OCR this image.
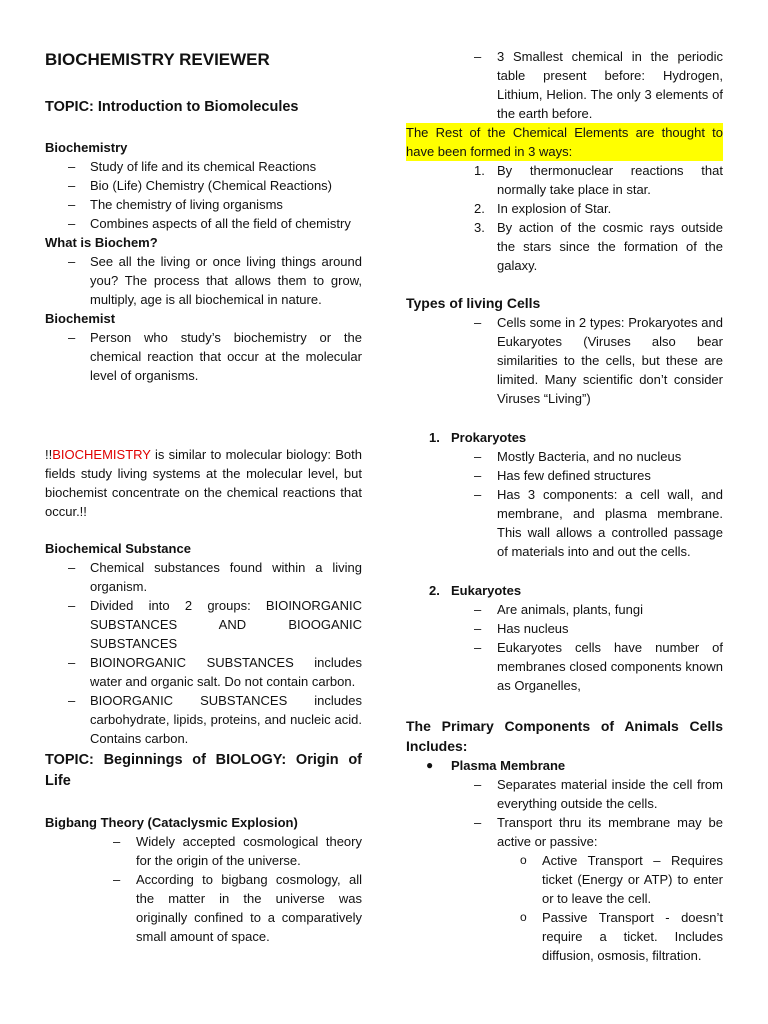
BIOCHEMISTRY REVIEWER
TOPIC: Introduction to Biomolecules
Biochemistry
– Study of life and its chemical Reactions
– Bio (Life) Chemistry (Chemical Reactions)
– The chemistry of living organisms
– Combines aspects of all the field of chemistry
What is Biochem?
– See all the living or once living things around you? The process that allows them to grow, multiply, age is all biochemical in nature.
Biochemist
– Person who study’s biochemistry or the chemical reaction that occur at the molecular level of organisms.
!!BIOCHEMISTRY is similar to molecular biology: Both fields study living systems at the molecular level, but biochemist concentrate on the chemical reactions that occur.!!
Biochemical Substance
– Chemical substances found within a living organism.
– Divided into 2 groups: BIOINORGANIC SUBSTANCES AND BIOOGANIC SUBSTANCES
– BIOINORGANIC SUBSTANCES includes water and organic salt. Do not contain carbon.
– BIOORGANIC SUBSTANCES includes carbohydrate, lipids, proteins, and nucleic acid. Contains carbon.
TOPIC: Beginnings of BIOLOGY: Origin of Life
Bigbang Theory (Cataclysmic Explosion)
– Widely accepted cosmological theory for the origin of the universe.
– According to bigbang cosmology, all the matter in the universe was originally confined to a comparatively small amount of space.
– 3 Smallest chemical in the periodic table present before: Hydrogen, Lithium, Helion. The only 3 elements of the earth before.
The Rest of the Chemical Elements are thought to have been formed in 3 ways:
1. By thermonuclear reactions that normally take place in star.
2. In explosion of Star.
3. By action of the cosmic rays outside the stars since the formation of the galaxy.
Types of living Cells
– Cells some in 2 types: Prokaryotes and Eukaryotes (Viruses also bear similarities to the cells, but these are limited. Many scientific don’t consider Viruses “Living”)
1. Prokaryotes
– Mostly Bacteria, and no nucleus
– Has few defined structures
– Has 3 components: a cell wall, and membrane, and plasma membrane. This wall allows a controlled passage of materials into and out the cells.
2. Eukaryotes
– Are animals, plants, fungi
– Has nucleus
– Eukaryotes cells have number of membranes closed components known as Organelles,
The Primary Components of Animals Cells Includes:
● Plasma Membrane
– Separates material inside the cell from everything outside the cells.
– Transport thru its membrane may be active or passive:
o Active Transport – Requires ticket (Energy or ATP) to enter or to leave the cell.
o Passive Transport - doesn’t require a ticket. Includes diffusion, osmosis, filtration.
